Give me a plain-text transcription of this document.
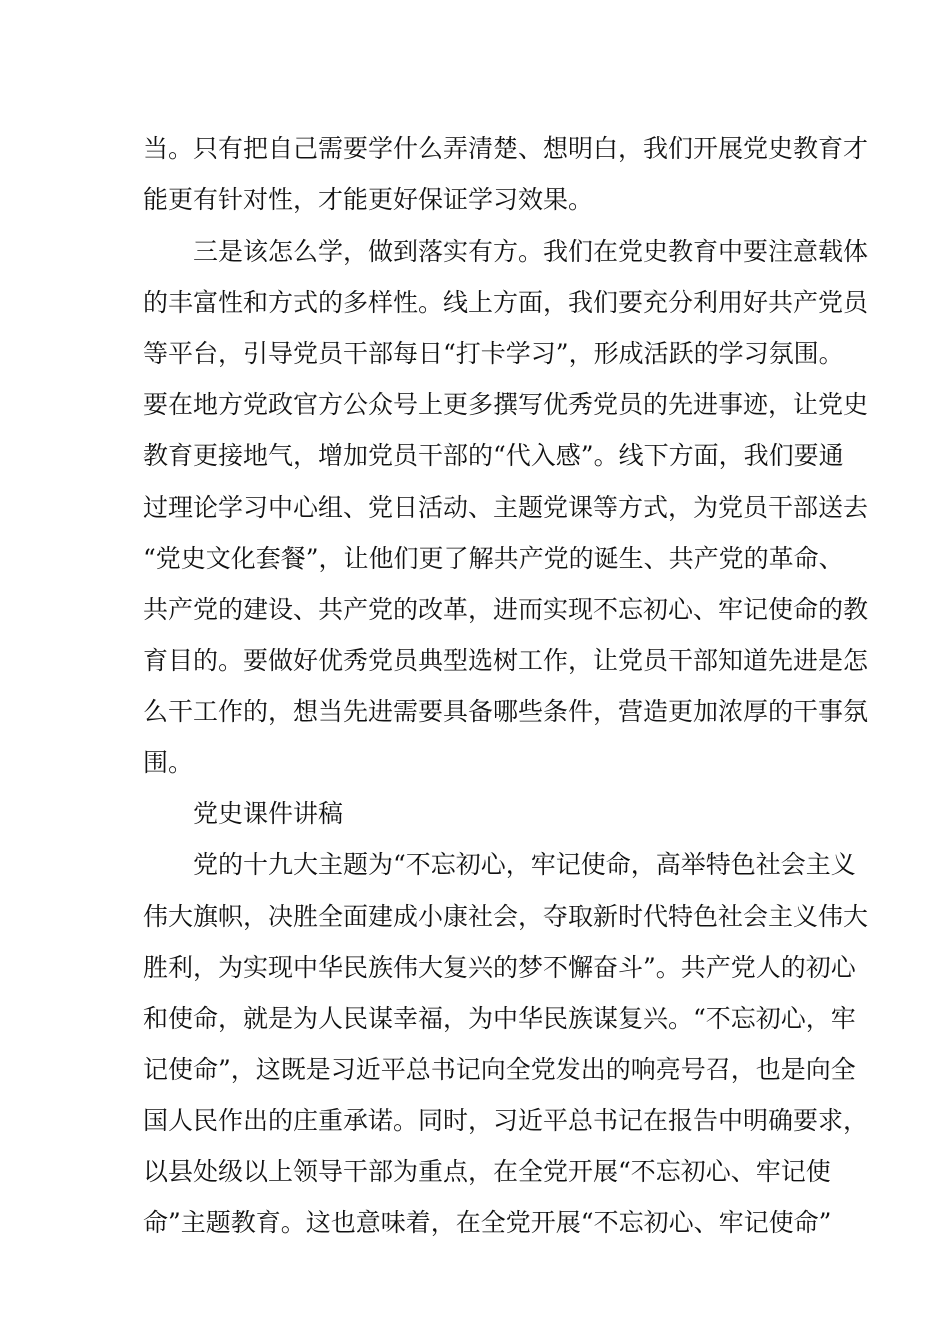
当。只有把自己需要学什么弄清楚、想明白，我们开展党史教育才
能更有针对性，才能更好保证学习效果。
三是该怎么学，做到落实有方。我们在党史教育中要注意载体
的丰富性和方式的多样性。线上方面，我们要充分利用好共产党员
等平台，引导党员干部每日“打卡学习”，形成活跃的学习氛围。
要在地方党政官方公众号上更多撰写优秀党员的先进事迹，让党史
教育更接地气，增加党员干部的“代入感”。线下方面，我们要通
过理论学习中心组、党日活动、主题党课等方式，为党员干部送去
“党史文化套餐”，让他们更了解共产党的诞生、共产党的革命、
共产党的建设、共产党的改革，进而实现不忘初心、牢记使命的教
育目的。要做好优秀党员典型选树工作，让党员干部知道先进是怎
么干工作的，想当先进需要具备哪些条件，营造更加浓厚的干事氛
围。
党史课件讲稿
党的十九大主题为“不忘初心，牢记使命，高举特色社会主义
伟大旗帜，决胜全面建成小康社会，夺取新时代特色社会主义伟大
胜利，为实现中华民族伟大复兴的梦不懈奋斗”。共产党人的初心
和使命，就是为人民谋幸福，为中华民族谋复兴。“不忘初心，牢
记使命”，这既是习近平总书记向全党发出的响亮号召，也是向全
国人民作出的庄重承诺。同时，习近平总书记在报告中明确要求，
以县处级以上领导干部为重点，在全党开展“不忘初心、牢记使
命”主题教育。这也意味着，在全党开展“不忘初心、牢记使命”
